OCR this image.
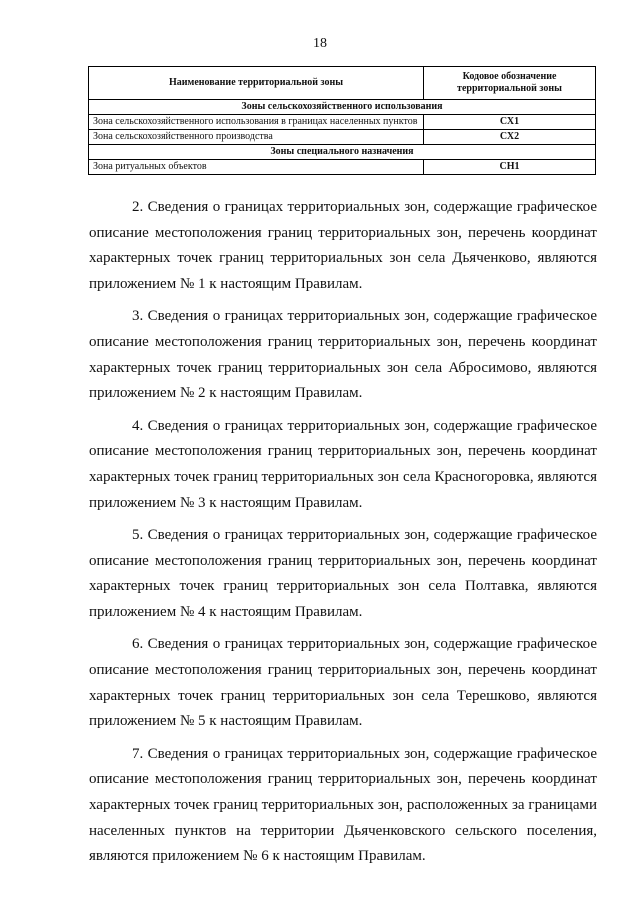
18
Наименование территориальной зоны	Кодовое обозначение территориальной зоны
Зоны сельскохозяйственного использования	
Зона сельскохозяйственного использования в границах населенных пунктов	СХ1
Зона сельскохозяйственного производства	СХ2
Зоны специального назначения	
Зона ритуальных объектов	СН1

2. Сведения о границах территориальных зон, содержащие графическое описание местоположения границ территориальных зон, перечень координат характерных точек границ территориальных зон села Дьяченково, являются приложением № 1 к настоящим Правилам.

3. Сведения о границах территориальных зон, содержащие графическое описание местоположения границ территориальных зон, перечень координат характерных точек границ территориальных зон села Абросимово, являются приложением № 2 к настоящим Правилам.

4. Сведения о границах территориальных зон, содержащие графическое описание местоположения границ территориальных зон, перечень координат характерных точек границ территориальных зон села Красногоровка, являются приложением № 3 к настоящим Правилам.

5. Сведения о границах территориальных зон, содержащие графическое описание местоположения границ территориальных зон, перечень координат характерных точек границ территориальных зон села Полтавка, являются приложением № 4 к настоящим Правилам.

6. Сведения о границах территориальных зон, содержащие графическое описание местоположения границ территориальных зон, перечень координат характерных точек границ территориальных зон села Терешково, являются приложением № 5 к настоящим Правилам.

7. Сведения о границах территориальных зон, содержащие графическое описание местоположения границ территориальных зон, перечень координат характерных точек границ территориальных зон, расположенных за границами населенных пунктов на территории Дьяченковского сельского поселения, являются приложением № 6 к настоящим Правилам.
